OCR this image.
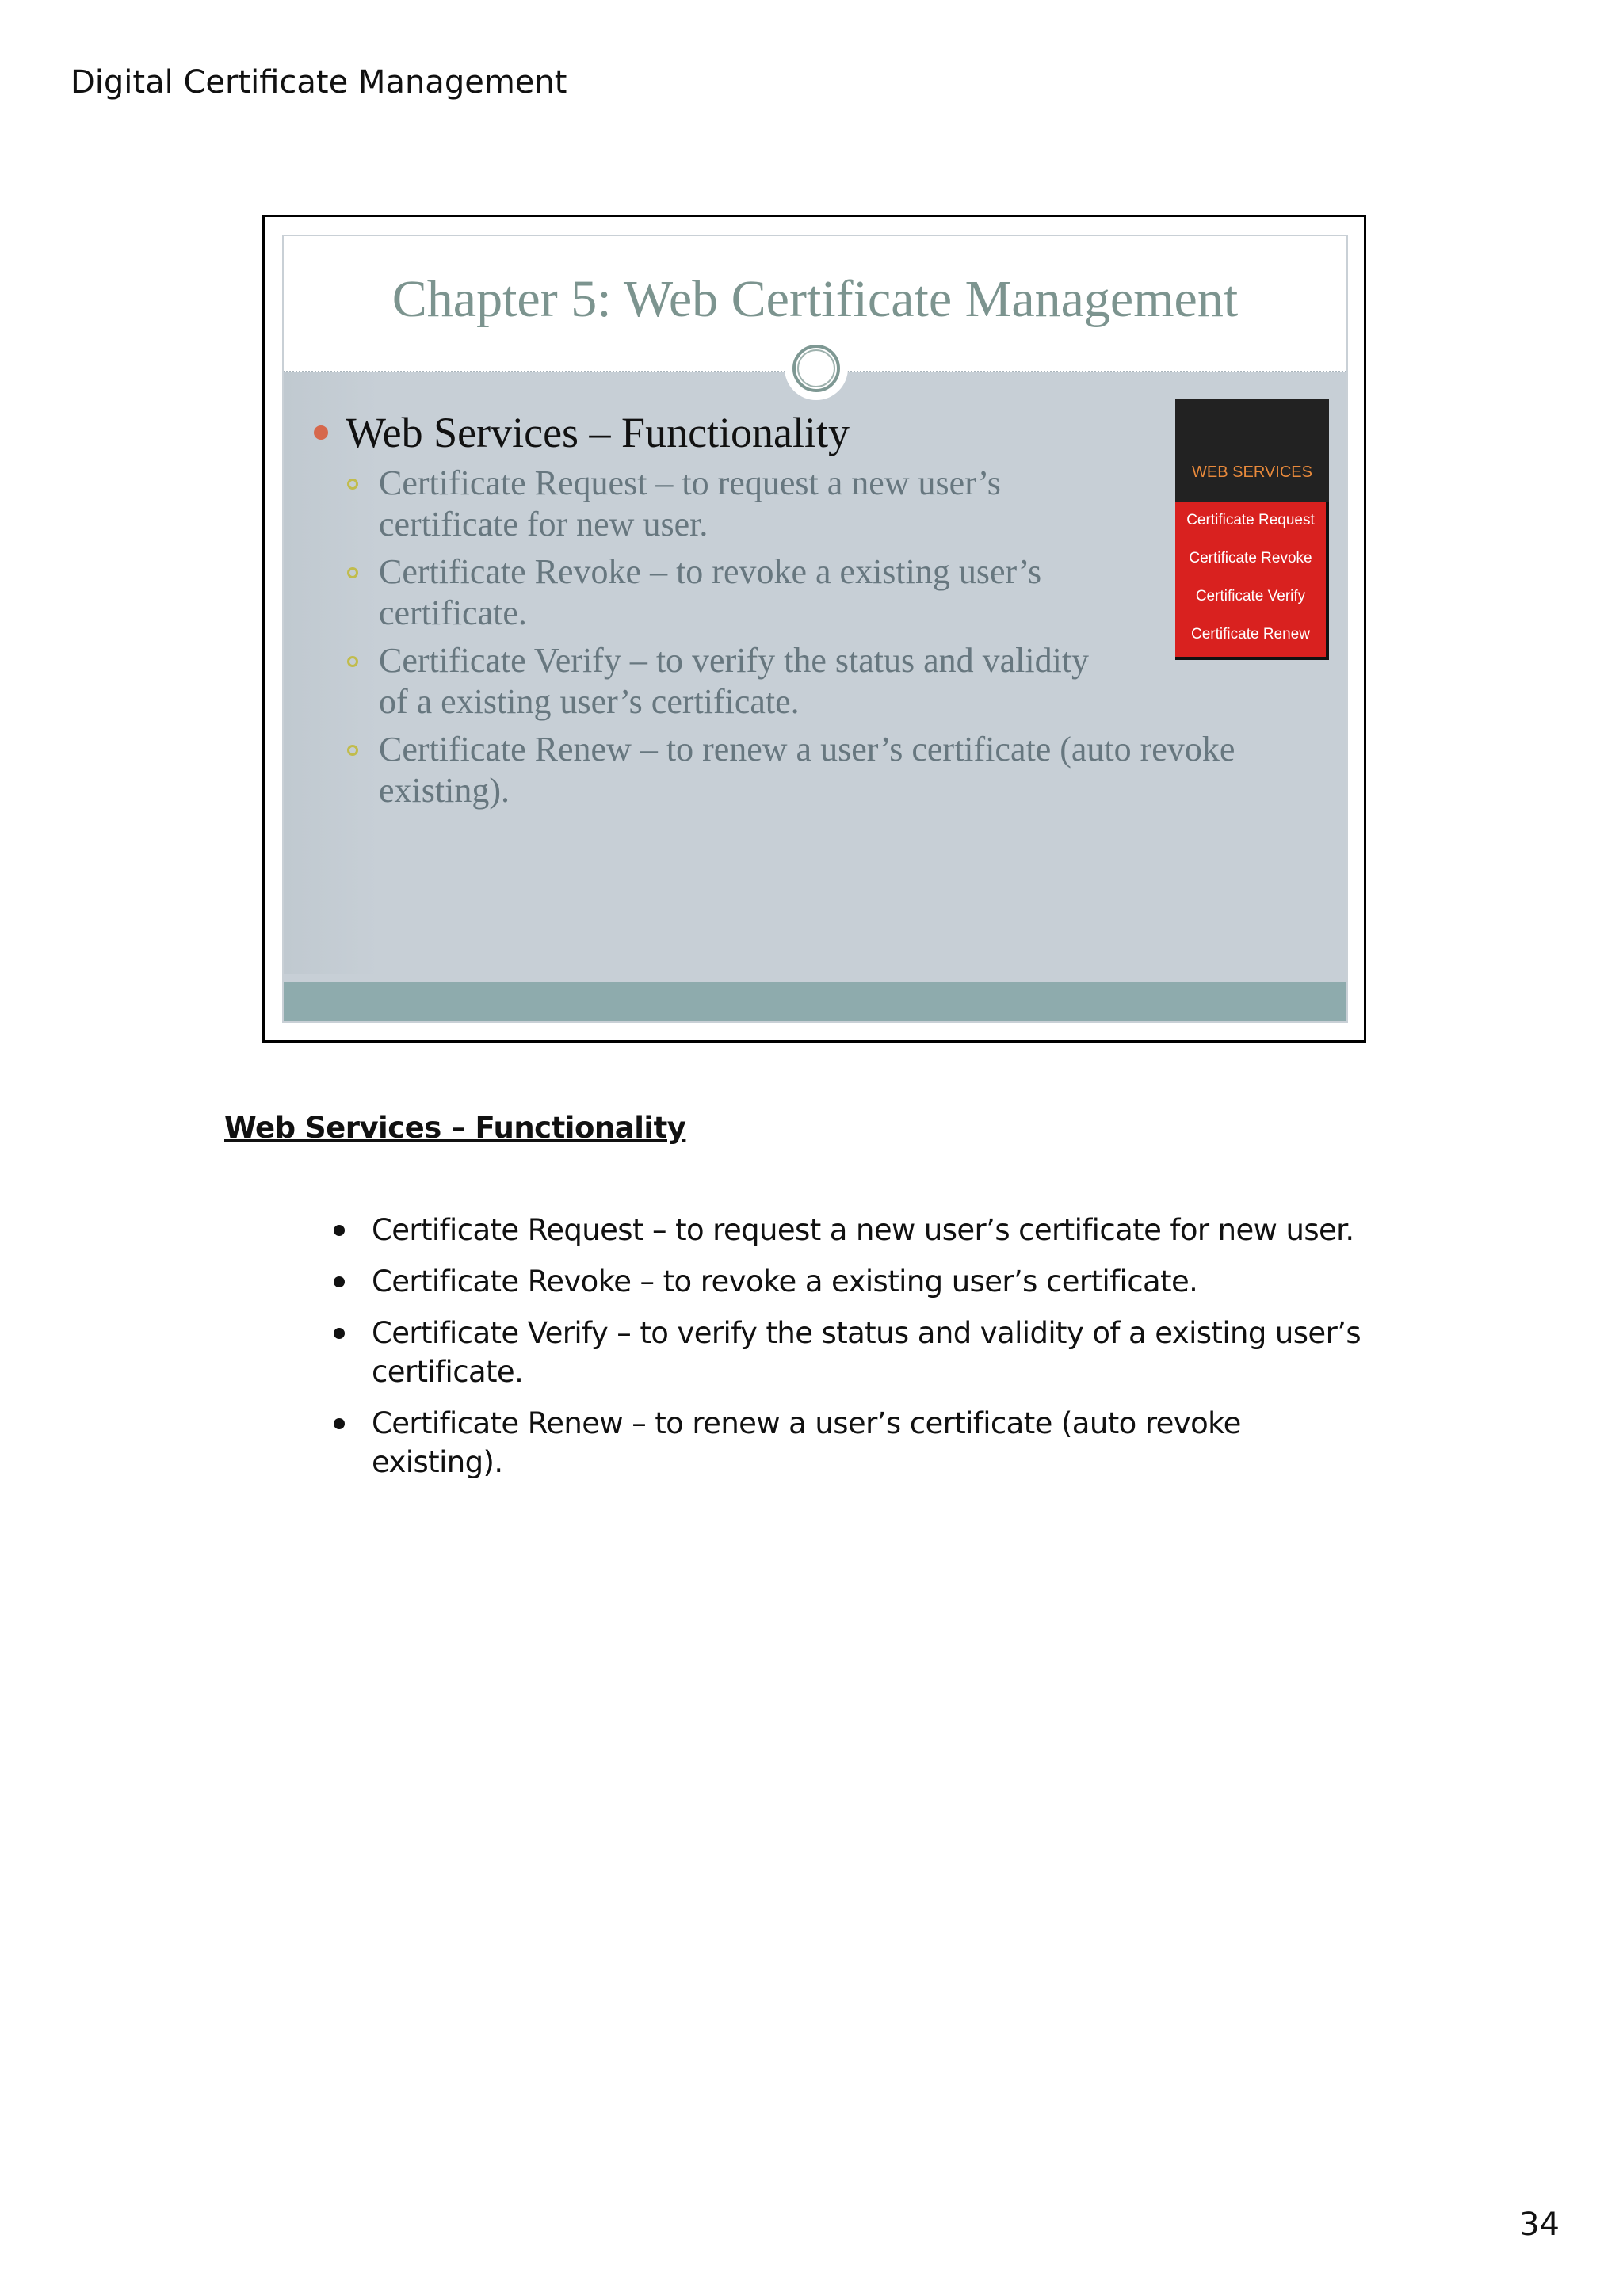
Digital Certificate Management
Chapter 5: Web Certificate Management
Web Services – Functionality
Certificate Request – to request a new user’s
certificate for new user.
Certificate Revoke – to revoke a existing user’s
certificate.
Certificate Verify – to verify the status and validity
of a existing user’s certificate.
Certificate Renew – to renew a user’s certificate (auto revoke
existing).
WEB SERVICES
Certificate Request
Certificate Revoke
Certificate Verify
Certificate Renew
Web Services – Functionality
Certificate Request – to request a new user’s certificate for new user.
Certificate Revoke – to revoke a existing user’s certificate.
Certificate Verify – to verify the status and validity of a existing user’s certificate.
Certificate Renew – to renew a user’s certificate (auto revoke existing).
34
